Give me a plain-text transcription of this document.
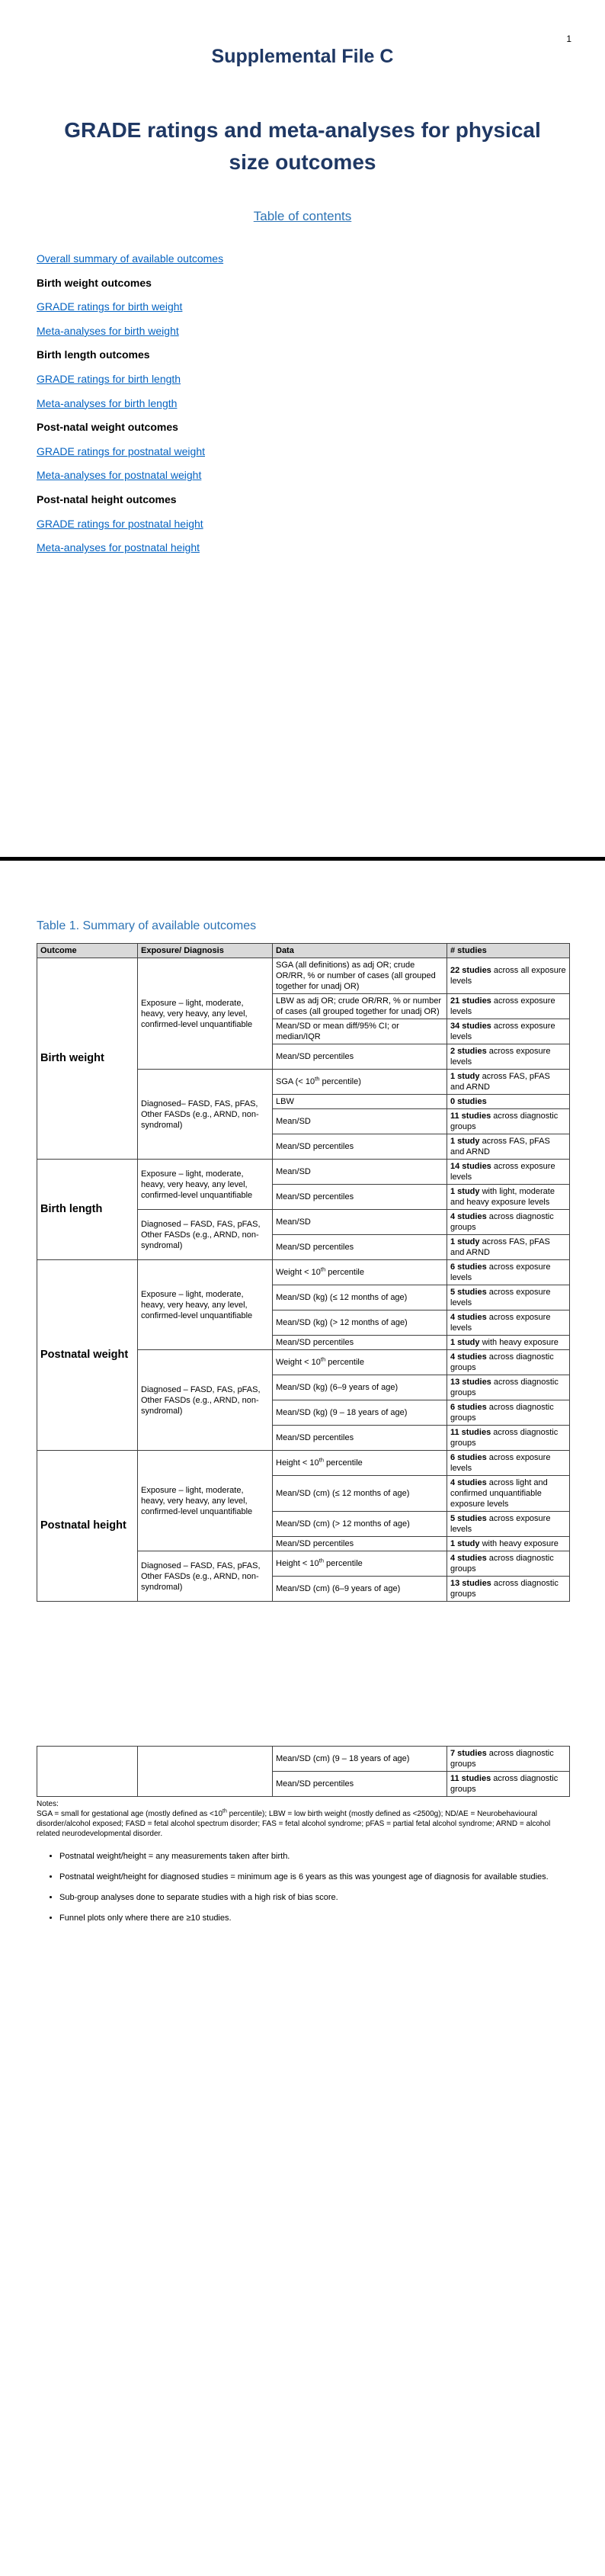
1
Supplemental File C
GRADE ratings and meta-analyses for physical size outcomes
Table of contents
Overall summary of available outcomes
Birth weight outcomes
GRADE ratings for birth weight
Meta-analyses for birth weight
Birth length outcomes
GRADE ratings for birth length
Meta-analyses for birth length
Post-natal weight outcomes
GRADE ratings for postnatal weight
Meta-analyses for postnatal weight
Post-natal height outcomes
GRADE ratings for postnatal height
Meta-analyses for postnatal height
Table 1. Summary of available outcomes
Outcome	Exposure/ Diagnosis	Data	# studies
Birth weight	Exposure – light, moderate, heavy, very heavy, any level, confirmed-level unquantifiable	SGA (all definitions) as adj OR; crude OR/RR, % or number of cases (all grouped together for unadj OR)	22 studies across all exposure levels
		LBW as adj OR; crude OR/RR, % or number of cases (all grouped together for unadj OR)	21 studies across exposure levels
		Mean/SD or mean diff/95% CI; or median/IQR	34 studies across exposure levels
		Mean/SD percentiles	2 studies across exposure levels
	Diagnosed– FASD, FAS, pFAS, Other FASDs (e.g., ARND, non-syndromal)	SGA (< 10th percentile)	1 study across FAS, pFAS and ARND
		LBW	0 studies
		Mean/SD	11 studies across diagnostic groups
		Mean/SD percentiles	1 study across FAS, pFAS and ARND
Birth length	Exposure – light, moderate, heavy, very heavy, any level, confirmed-level unquantifiable	Mean/SD	14 studies across exposure levels
		Mean/SD percentiles	1 study with light, moderate and heavy exposure levels
	Diagnosed – FASD, FAS, pFAS, Other FASDs (e.g., ARND, non-syndromal)	Mean/SD	4 studies across diagnostic groups
		Mean/SD percentiles	1 study across FAS, pFAS and ARND
Postnatal weight	Exposure – light, moderate, heavy, very heavy, any level, confirmed-level unquantifiable	Weight < 10th percentile	6 studies across exposure levels
		Mean/SD (kg) (≤ 12 months of age)	5 studies across exposure levels
		Mean/SD (kg) (> 12 months of age)	4 studies across exposure levels
		Mean/SD percentiles	1 study with heavy exposure
	Diagnosed – FASD, FAS, pFAS, Other FASDs (e.g., ARND, non-syndromal)	Weight < 10th percentile	4 studies across diagnostic groups
		Mean/SD (kg) (6–9 years of age)	13 studies across diagnostic groups
		Mean/SD (kg) (9 – 18 years of age)	6 studies across diagnostic groups
		Mean/SD percentiles	11 studies across diagnostic groups
Postnatal height	Exposure – light, moderate, heavy, very heavy, any level, confirmed-level unquantifiable	Height < 10th percentile	6 studies across exposure levels
		Mean/SD (cm) (≤ 12 months of age)	4 studies across light and confirmed unquantifiable exposure levels
		Mean/SD (cm) (> 12 months of age)	5 studies across exposure levels
		Mean/SD percentiles	1 study with heavy exposure
	Diagnosed – FASD, FAS, pFAS, Other FASDs (e.g., ARND, non-syndromal)	Height < 10th percentile	4 studies across diagnostic groups
		Mean/SD (cm) (6–9 years of age)	13 studies across diagnostic groups
		Mean/SD (cm) (9 – 18 years of age)	7 studies across diagnostic groups
		Mean/SD percentiles	11 studies across diagnostic groups
Notes:
SGA = small for gestational age (mostly defined as <10th percentile); LBW = low birth weight (mostly defined as <2500g); ND/AE = Neurobehavioural disorder/alcohol exposed; FASD = fetal alcohol spectrum disorder; FAS = fetal alcohol syndrome; pFAS = partial fetal alcohol syndrome; ARND = alcohol related neurodevelopmental disorder.
• Postnatal weight/height = any measurements taken after birth.
• Postnatal weight/height for diagnosed studies = minimum age is 6 years as this was youngest age of diagnosis for available studies.
• Sub-group analyses done to separate studies with a high risk of bias score.
• Funnel plots only where there are ≥10 studies.
